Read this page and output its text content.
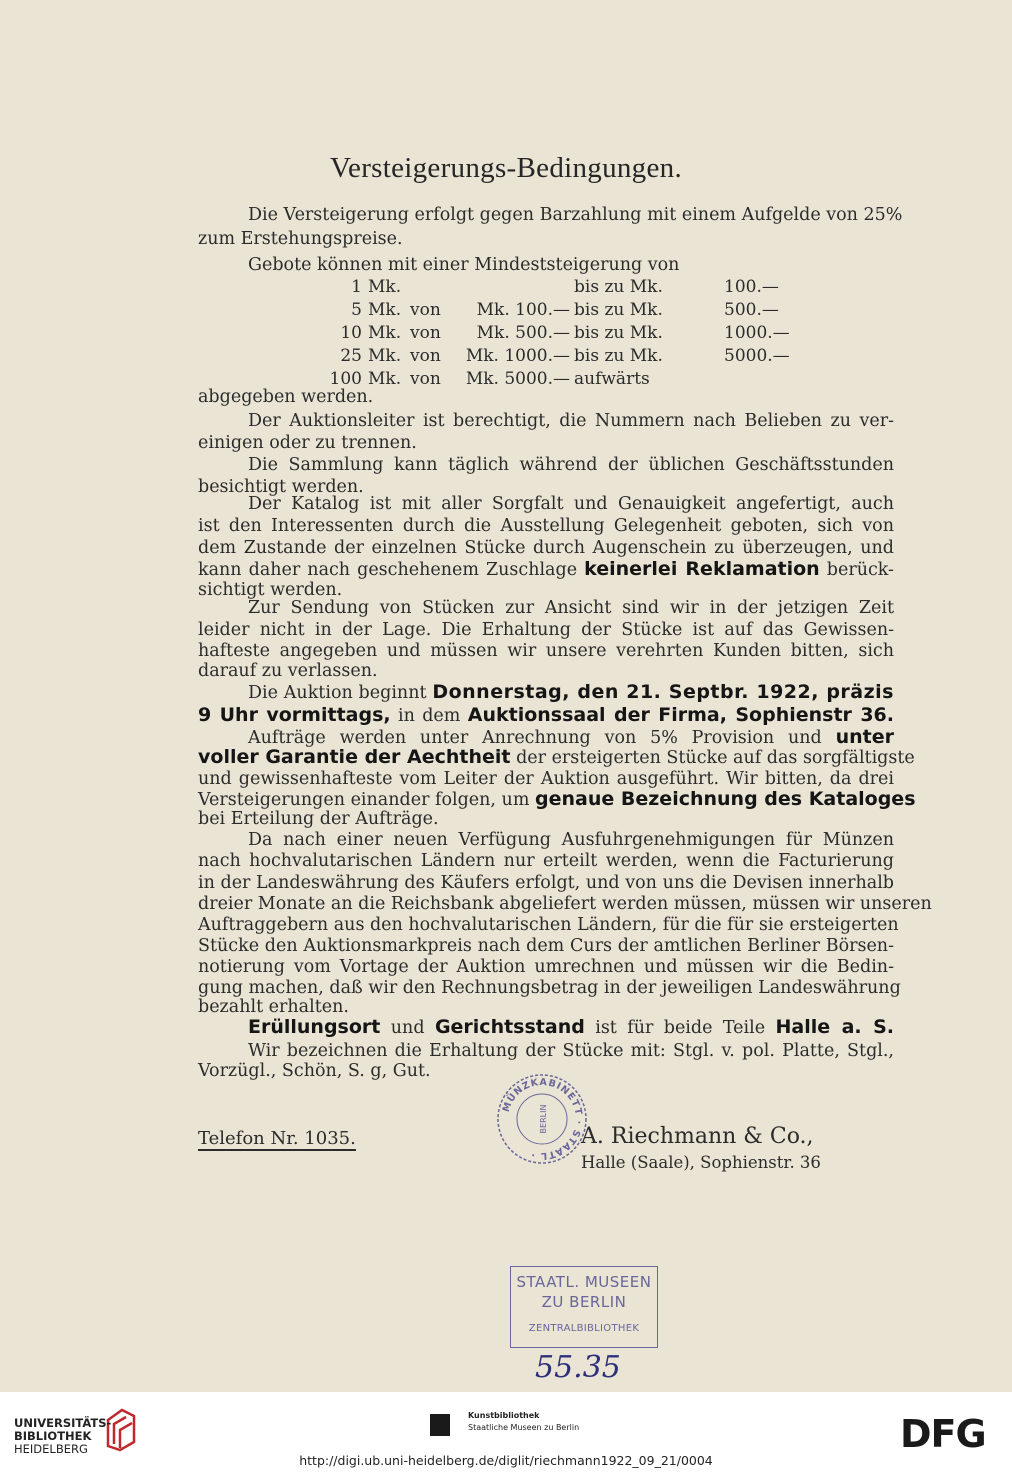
Versteigerungs-Bedingungen.
Die Versteigerung erfolgt gegen Barzahlung mit einem Aufgelde von 25%
zum Erstehungspreise.
Gebote können mit einer Mindeststeigerung von
1 Mk.	bis zu Mk.	100.—
5 Mk. von	Mk. 100.— bis zu Mk.	500.—
10 Mk. von	Mk. 500.— bis zu Mk.	1000.—
25 Mk. von	Mk. 1000.— bis zu Mk.	5000.—
100 Mk. von	Mk. 5000.— aufwärts
abgegeben werden.
Der Auktionsleiter ist berechtigt, die Nummern nach Belieben zu ver-
einigen oder zu trennen.
Die Sammlung kann täglich während der üblichen Geschäftsstunden
besichtigt werden.
Der Katalog ist mit aller Sorgfalt und Genauigkeit angefertigt, auch
ist den Interessenten durch die Ausstellung Gelegenheit geboten, sich von
dem Zustande der einzelnen Stücke durch Augenschein zu überzeugen, und
kann daher nach geschehenem Zuschlage keinerlei Reklamation berück-
sichtigt werden.
Zur Sendung von Stücken zur Ansicht sind wir in der jetzigen Zeit
leider nicht in der Lage. Die Erhaltung der Stücke ist auf das Gewissen-
hafteste angegeben und müssen wir unsere verehrten Kunden bitten, sich
darauf zu verlassen.
Die Auktion beginnt Donnerstag, den 21. Septbr. 1922, präzis
9 Uhr vormittags, in dem Auktionssaal der Firma, Sophienstr 36.
Aufträge werden unter Anrechnung von 5% Provision und unter
voller Garantie der Aechtheit der ersteigerten Stücke auf das sorgfältigste
und gewissenhafteste vom Leiter der Auktion ausgeführt. Wir bitten, da drei
Versteigerungen einander folgen, um genaue Bezeichnung des Kataloges
bei Erteilung der Aufträge.
Da nach einer neuen Verfügung Ausfuhrgenehmigungen für Münzen
nach hochvalutarischen Ländern nur erteilt werden, wenn die Facturierung
in der Landeswährung des Käufers erfolgt, und von uns die Devisen innerhalb
dreier Monate an die Reichsbank abgeliefert werden müssen, müssen wir unseren
Auftraggebern aus den hochvalutarischen Ländern, für die für sie ersteigerten
Stücke den Auktionsmarkpreis nach dem Curs der amtlichen Berliner Börsen-
notierung vom Vortage der Auktion umrechnen und müssen wir die Bedin-
gung machen, daß wir den Rechnungsbetrag in der jeweiligen Landeswährung
bezahlt erhalten.
Erüllungsort und Gerichtsstand ist für beide Teile Halle a. S.
Wir bezeichnen die Erhaltung der Stücke mit: Stgl. v. pol. Platte, Stgl.,
Vorzügl., Schön, S. g, Gut.
Telefon Nr. 1035.
MÜNZKABINETT · STAATL ·
BERLIN
A. Riechmann & Co.,
Halle (Saale), Sophienstr. 36
STAATL. MUSEEN
ZU BERLIN
ZENTRALBIBLIOTHEK
55.35
UNIVERSITÄTS-
BIBLIOTHEK
HEIDELBERG
Kunstbibliothek
Staatliche Museen zu Berlin	DFG
http://digi.ub.uni-heidelberg.de/diglit/riechmann1922_09_21/0004
